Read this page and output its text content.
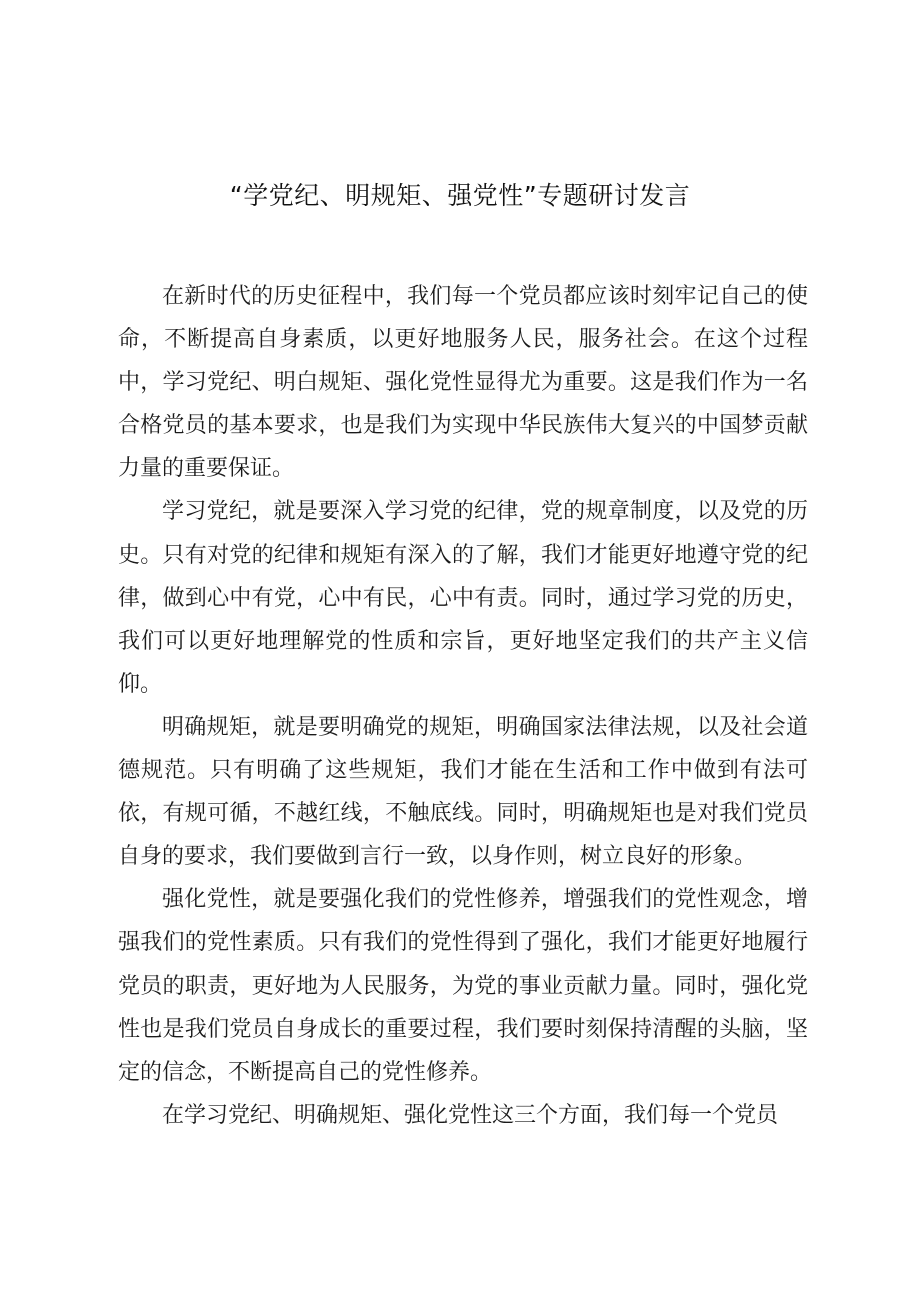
“学党纪、明规矩、强党性”专题研讨发言

在新时代的历史征程中，我们每一个党员都应该时刻牢记自己的使命，不断提高自身素质，以更好地服务人民，服务社会。在这个过程中，学习党纪、明白规矩、强化党性显得尤为重要。这是我们作为一名合格党员的基本要求，也是我们为实现中华民族伟大复兴的中国梦贡献力量的重要保证。

学习党纪，就是要深入学习党的纪律，党的规章制度，以及党的历史。只有对党的纪律和规矩有深入的了解，我们才能更好地遵守党的纪律，做到心中有党，心中有民，心中有责。同时，通过学习党的历史，我们可以更好地理解党的性质和宗旨，更好地坚定我们的共产主义信仰。

明确规矩，就是要明确党的规矩，明确国家法律法规，以及社会道德规范。只有明确了这些规矩，我们才能在生活和工作中做到有法可依，有规可循，不越红线，不触底线。同时，明确规矩也是对我们党员自身的要求，我们要做到言行一致，以身作则，树立良好的形象。

强化党性，就是要强化我们的党性修养，增强我们的党性观念，增强我们的党性素质。只有我们的党性得到了强化，我们才能更好地履行党员的职责，更好地为人民服务，为党的事业贡献力量。同时，强化党性也是我们党员自身成长的重要过程，我们要时刻保持清醒的头脑，坚定的信念，不断提高自己的党性修养。

在学习党纪、明确规矩、强化党性这三个方面，我们每一个党员
